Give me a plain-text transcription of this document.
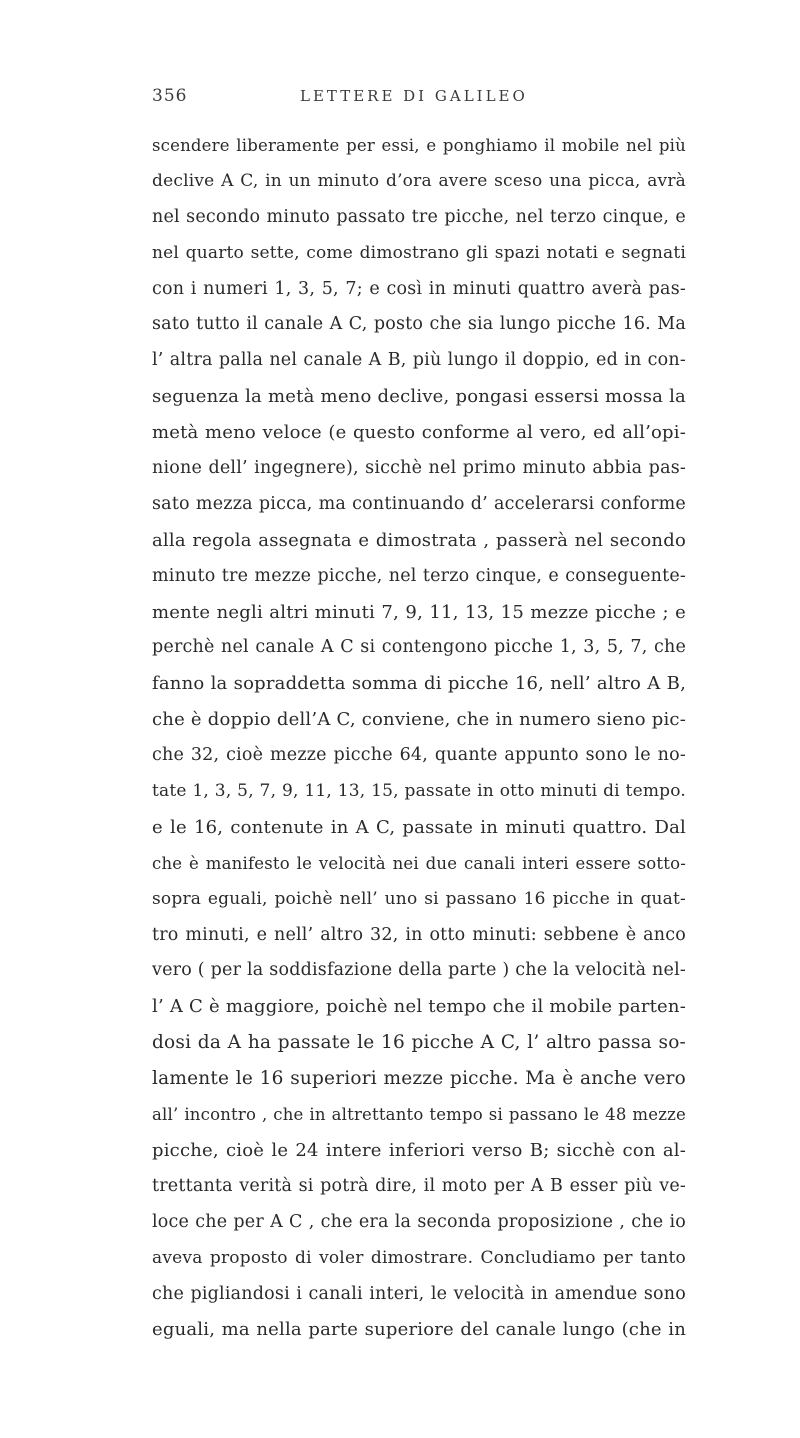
356	LETTERE DI GALILEO
scendere liberamente per essi, e ponghiamo il mobile nel più
declive A C, in un minuto d’ora avere sceso una picca, avrà
nel secondo minuto passato tre picche, nel terzo cinque, e
nel quarto sette, come dimostrano gli spazi notati e segnati
con i numeri 1, 3, 5, 7; e così in minuti quattro averà pas-
sato tutto il canale A C, posto che sia lungo picche 16. Ma
l’ altra palla nel canale A B, più lungo il doppio, ed in con-
seguenza la metà meno declive, pongasi essersi mossa la
metà meno veloce (e questo conforme al vero, ed all’opi-
nione dell’ ingegnere), sicchè nel primo minuto abbia pas-
sato mezza picca, ma continuando d’ accelerarsi conforme
alla regola assegnata e dimostrata , passerà nel secondo
minuto tre mezze picche, nel terzo cinque, e conseguente-
mente negli altri minuti 7, 9, 11, 13, 15 mezze picche ; e
perchè nel canale A C si contengono picche 1, 3, 5, 7, che
fanno la sopraddetta somma di picche 16, nell’ altro A B,
che è doppio dell’A C, conviene, che in numero sieno pic-
che 32, cioè mezze picche 64, quante appunto sono le no-
tate 1, 3, 5, 7, 9, 11, 13, 15, passate in otto minuti di tempo.
e le 16, contenute in A C, passate in minuti quattro. Dal
che è manifesto le velocità nei due canali interi essere sotto-
sopra eguali, poichè nell’ uno si passano 16 picche in quat-
tro minuti, e nell’ altro 32, in otto minuti: sebbene è anco
vero ( per la soddisfazione della parte ) che la velocità nel-
l’ A C è maggiore, poichè nel tempo che il mobile parten-
dosi da A ha passate le 16 picche A C, l’ altro passa so-
lamente le 16 superiori mezze picche. Ma è anche vero
all’ incontro , che in altrettanto tempo si passano le 48 mezze
picche, cioè le 24 intere inferiori verso B; sicchè con al-
trettanta verità si potrà dire, il moto per A B esser più ve-
loce che per A C , che era la seconda proposizione , che io
aveva proposto di voler dimostrare. Concludiamo per tanto
che pigliandosi i canali interi, le velocità in amendue sono
eguali, ma nella parte superiore del canale lungo (che in
